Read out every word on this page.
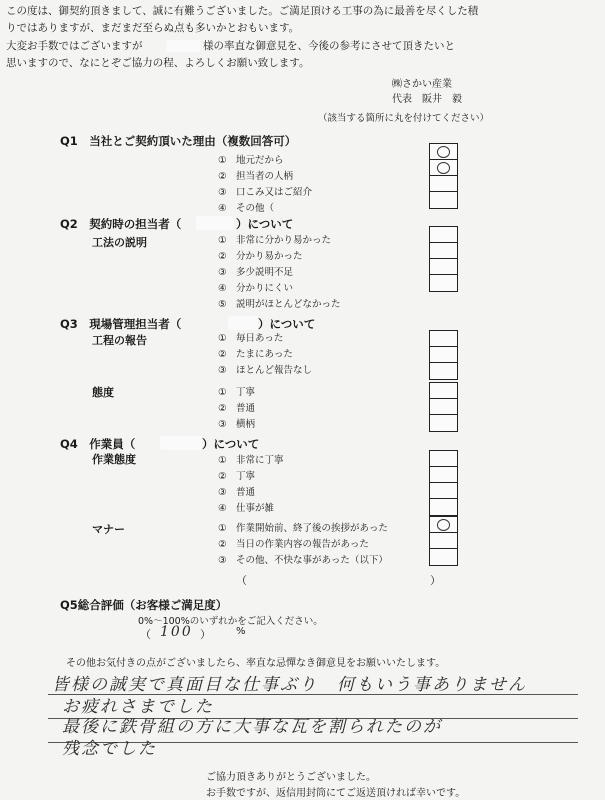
この度は、御契約頂きまして、誠に有難うございました。ご満足頂ける工事の為に最善を尽くした積
りではありますが、まだまだ至らぬ点も多いかとおもいます。
大変お手数ではございますが	様の率直な御意見を、今後の参考にさせて頂きたいと
思いますので、なにとぞご協力の程、よろしくお願い致します。
㈱さかい産業
代表　阪井　毅
（該当する箇所に丸を付けてください）
Q1　当社とご契約頂いた理由（複数回答可）
①　地元だから
②　担当者の人柄
③　口こみ又はご紹介
④　その他（
Q2　契約時の担当者（	）について
工法の説明	①　非常に分かり易かった
②　分かり易かった
③　多少説明不足
④　分かりにくい
⑤　説明がほとんどなかった
Q3　現場管理担当者（	）について
工程の報告	①　毎日あった
②　たまにあった
③　ほとんど報告なし
態度	①　丁寧
②　普通
③　横柄
Q4　作業員（	）について
作業態度	①　非常に丁寧
②　丁寧
③　普通
④　仕事が雑
マナー	①　作業開始前、終了後の挨拶があった
②　当日の作業内容の報告があった
③　その他、不快な事があった（以下）
（	）
Q5総合評価（お客様ご満足度）
0%～100%のいずれかをご記入ください。
（ 100 ）	%
その他お気付きの点がございましたら、率直な忌憚なき御意見をお願いいたします。
皆様の誠実で真面目な仕事ぶり　何もいう事ありません
お疲れさまでした
最後に鉄骨組の方に大事な瓦を割られたのが
残念でした
ご協力頂きありがとうございました。
お手数ですが、返信用封筒にてご返送頂ければ幸いです。
